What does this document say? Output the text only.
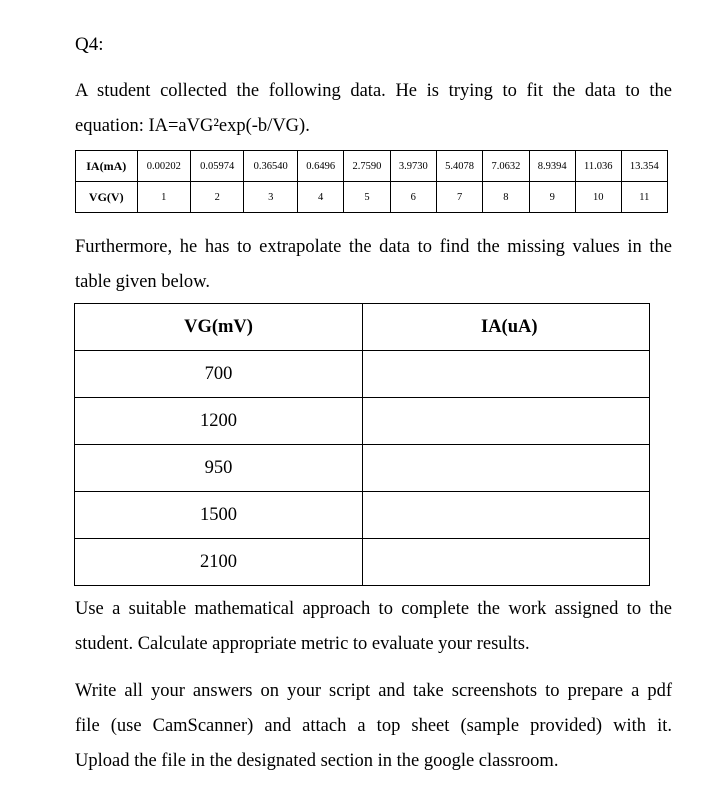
Q4:
A student collected the following data. He is trying to fit the data to the
equation: IA=aVG²exp(-b/VG).
IA(mA)	0.00202	0.05974	0.36540	0.6496	2.7590	3.9730	5.4078	7.0632	8.9394	11.036	13.354
VG(V)	1	2	3	4	5	6	7	8	9	10	11
Furthermore, he has to extrapolate the data to find the missing values in the
table given below.
VG(mV)	IA(uA)
700	
1200	
950	
1500	
2100	
Use a suitable mathematical approach to complete the work assigned to the
student. Calculate appropriate metric to evaluate your results.
Write all your answers on your script and take screenshots to prepare a pdf
file (use CamScanner) and attach a top sheet (sample provided) with it.
Upload the file in the designated section in the google classroom.
